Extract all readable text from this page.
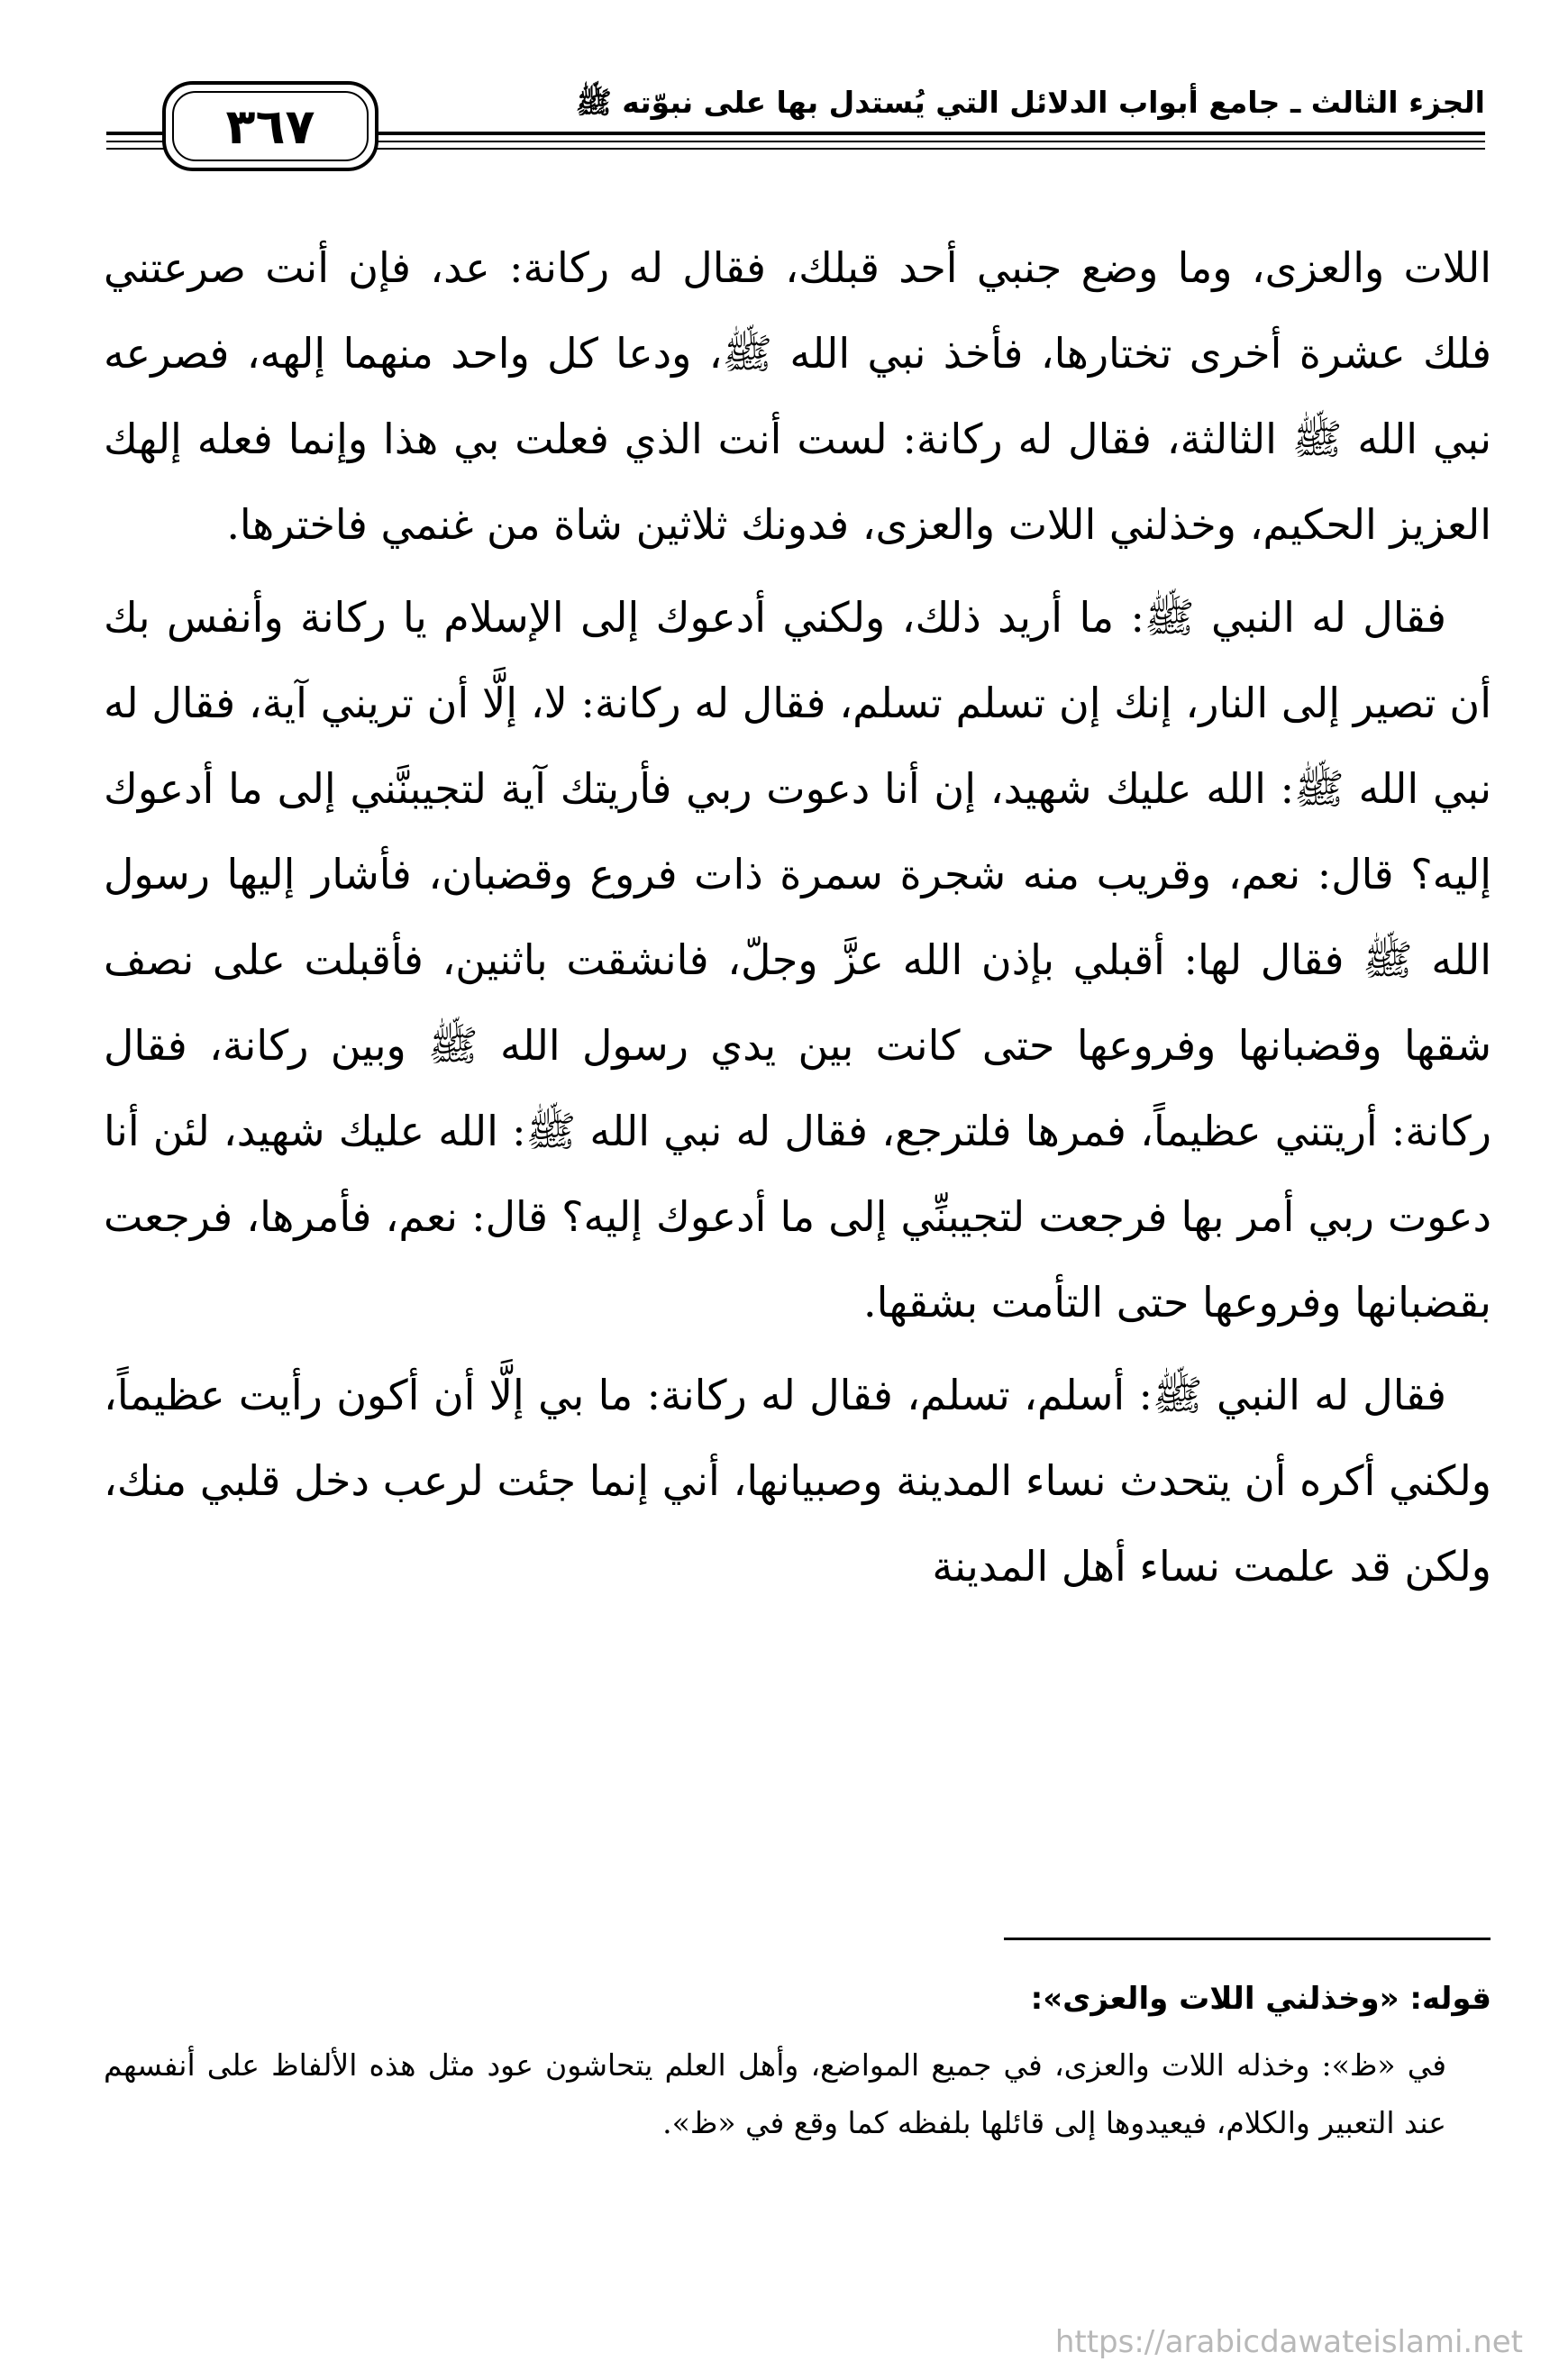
٣٦٧	الجزء الثالث ـ جامع أبواب الدلائل التي يُستدل بها على نبوّته ﷺ

اللات والعزى، وما وضع جنبي أحد قبلك، فقال له ركانة: عد، فإن أنت صرعتني فلك عشرة أخرى تختارها، فأخذ نبي الله ﷺ، ودعا كل واحد منهما إلهه، فصرعه نبي الله ﷺ الثالثة، فقال له ركانة: لست أنت الذي فعلت بي هذا وإنما فعله إلهك العزيز الحكيم، وخذلني اللات والعزى، فدونك ثلاثين شاة من غنمي فاخترها.

فقال له النبي ﷺ: ما أريد ذلك، ولكني أدعوك إلى الإسلام يا ركانة وأنفس بك أن تصير إلى النار، إنك إن تسلم تسلم، فقال له ركانة: لا، إلَّا أن تريني آية، فقال له نبي الله ﷺ: الله عليك شهيد، إن أنا دعوت ربي فأريتك آية لتجيبنَّني إلى ما أدعوك إليه؟ قال: نعم، وقريب منه شجرة سمرة ذات فروع وقضبان، فأشار إليها رسول الله ﷺ فقال لها: أقبلي بإذن الله عزَّ وجلّ، فانشقت باثنين، فأقبلت على نصف شقها وقضبانها وفروعها حتى كانت بين يدي رسول الله ﷺ وبين ركانة، فقال ركانة: أريتني عظيماً، فمرها فلترجع، فقال له نبي الله ﷺ: الله عليك شهيد، لئن أنا دعوت ربي أمر بها فرجعت لتجيبنِّي إلى ما أدعوك إليه؟ قال: نعم، فأمرها، فرجعت بقضبانها وفروعها حتى التأمت بشقها.

فقال له النبي ﷺ: أسلم، تسلم، فقال له ركانة: ما بي إلَّا أن أكون رأيت عظيماً، ولكني أكره أن يتحدث نساء المدينة وصبيانها، أني إنما جئت لرعب دخل قلبي منك، ولكن قد علمت نساء أهل المدينة

قوله: «وخذلني اللات والعزى»:

في «ظ»: وخذله اللات والعزى، في جميع المواضع، وأهل العلم يتحاشون عود مثل هذه الألفاظ على أنفسهم عند التعبير والكلام، فيعيدوها إلى قائلها بلفظه كما وقع في «ظ».

https://arabicdawateislami.net
